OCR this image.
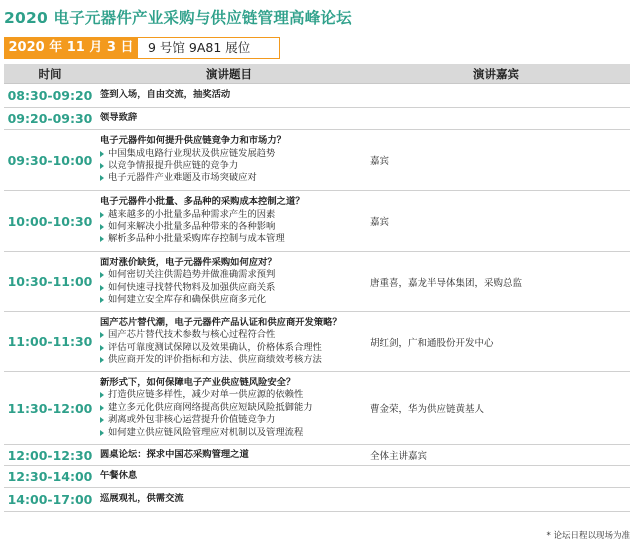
2020 电子元器件产业采购与供应链管理高峰论坛
2020 年 11 月 3 日	9 号馆 9A81 展位
时间	演讲题目	演讲嘉宾
08:30-09:20	签到入场，自由交流，抽奖活动	

09:20-09:30	领导致辞	

09:30-10:00	电子元器件如何提升供应链竞争力和市场力？
中国集成电路行业现状及供应链发展趋势
以竞争情报提升供应链的竞争力
电子元器件产业难题及市场突破应对	嘉宾
10:00-10:30	电子元器件小批量、多品种的采购成本控制之道？
越来越多的小批量多品种需求产生的因素
如何来解决小批量多品种带来的各种影响
解析多品种小批量采购库存控制与成本管理	嘉宾
10:30-11:00	面对涨价缺货，电子元器件采购如何应对？
如何密切关注供需趋势并做准确需求预判
如何快速寻找替代物料及加强供应商关系
如何建立安全库存和确保供应商多元化	唐重喜，嘉龙半导体集团，采购总监
11:00-11:30	国产芯片替代潮，电子元器件产品认证和供应商开发策略？
国产芯片替代技术参数与核心过程符合性
评估可靠度测试保障以及效果确认，价格体系合理性
供应商开发的评价指标和方法、供应商绩效考核方法	胡红剑，广和通股份开发中心
11:30-12:00	新形式下，如何保障电子产业供应链风险安全？
打造供应链多样性，减少对单一供应源的依赖性
建立多元化供应商网络提高供应短缺风险抵御能力
剥离或外包非核心运营提升价值链竞争力
如何建立供应链风险管理应对机制以及管理流程	曹金荣，华为供应链黄基人
12:00-12:30	圆桌论坛：探求中国芯采购管理之道	全体主讲嘉宾
12:30-14:00	午餐休息	

14:00-17:00	巡展观礼，供需交流	

* 论坛日程以现场为准
